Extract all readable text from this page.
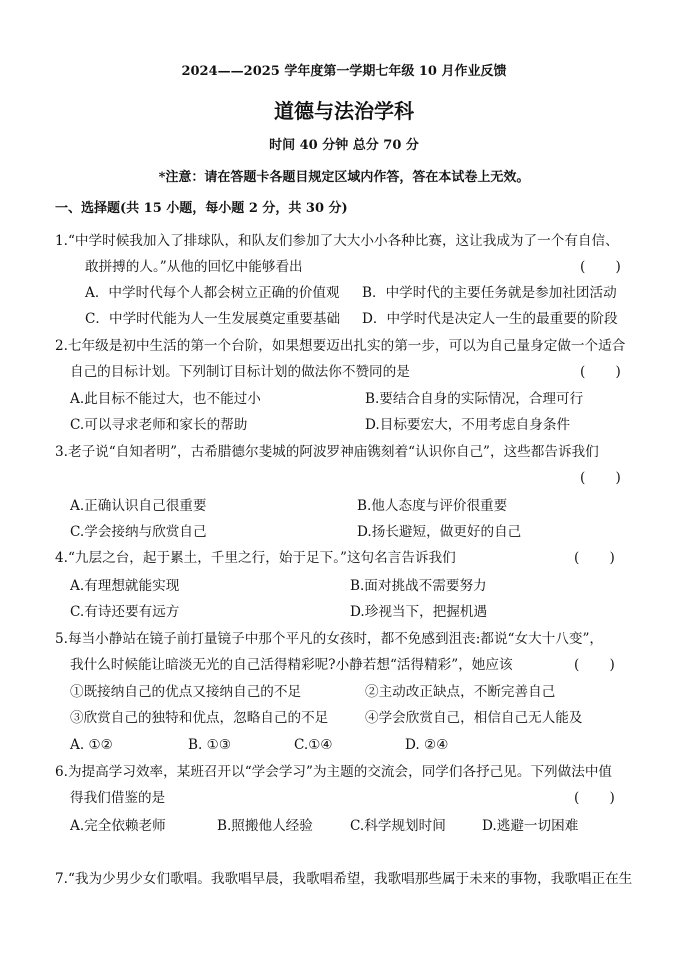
2024——2025 学年度第一学期七年级 10 月作业反馈
道德与法治学科
时间 40 分钟 总分 70 分
*注意：请在答题卡各题目规定区域内作答，答在本试卷上无效。
一、选择题(共 15 小题，每小题 2 分，共 30 分)
1.“中学时候我加入了排球队，和队友们参加了大大小小各种比赛，这让我成为了一个有自信、
敢拼搏的人。”从他的回忆中能够看出	(       )
A．中学时代每个人都会树立正确的价值观 B．中学时代的主要任务就是参加社团活动
C．中学时代能为人一生发展奠定重要基础 D．中学时代是决定人一生的最重要的阶段
2.七年级是初中生活的第一个台阶，如果想要迈出扎实的第一步，可以为自己量身定做一个适合
自己的目标计划。下列制订目标计划的做法你不赞同的是	(       )
A.此目标不能过大，也不能过小	B.要结合自身的实际情况，合理可行
C.可以寻求老师和家长的帮助	D.目标要宏大，不用考虑自身条件
3.老子说“自知者明”，古希腊德尔斐城的阿波罗神庙镌刻着“认识你自己”，这些都告诉我们
(       )
A.正确认识自己很重要	B.他人态度与评价很重要
C.学会接纳与欣赏自己	D.扬长避短，做更好的自己
4.“九层之台，起于累土，千里之行，始于足下。”这句名言告诉我们	(       )
A.有理想就能实现	B.面对挑战不需要努力
C.有诗还要有远方	D.珍视当下，把握机遇
5.每当小静站在镜子前打量镜子中那个平凡的女孩时，都不免感到沮丧:都说“女大十八变”，
我什么时候能让暗淡无光的自己活得精彩呢?小静若想“活得精彩”，她应该	(       )
①既接纳自己的优点又接纳自己的不足	②主动改正缺点，不断完善自己
③欣赏自己的独特和优点，忽略自己的不足	④学会欣赏自己，相信自己无人能及
A. ①②	B. ①③	C.①④	D. ②④
6.为提高学习效率，某班召开以“学会学习”为主题的交流会，同学们各抒己见。下列做法中值
得我们借鉴的是	(       )
A.完全依赖老师	B.照搬他人经验	C.科学规划时间	D.逃避一切困难
7.“我为少男少女们歌唱。我歌唱早晨，我歌唱希望，我歌唱那些属于未来的事物，我歌唱正在生
